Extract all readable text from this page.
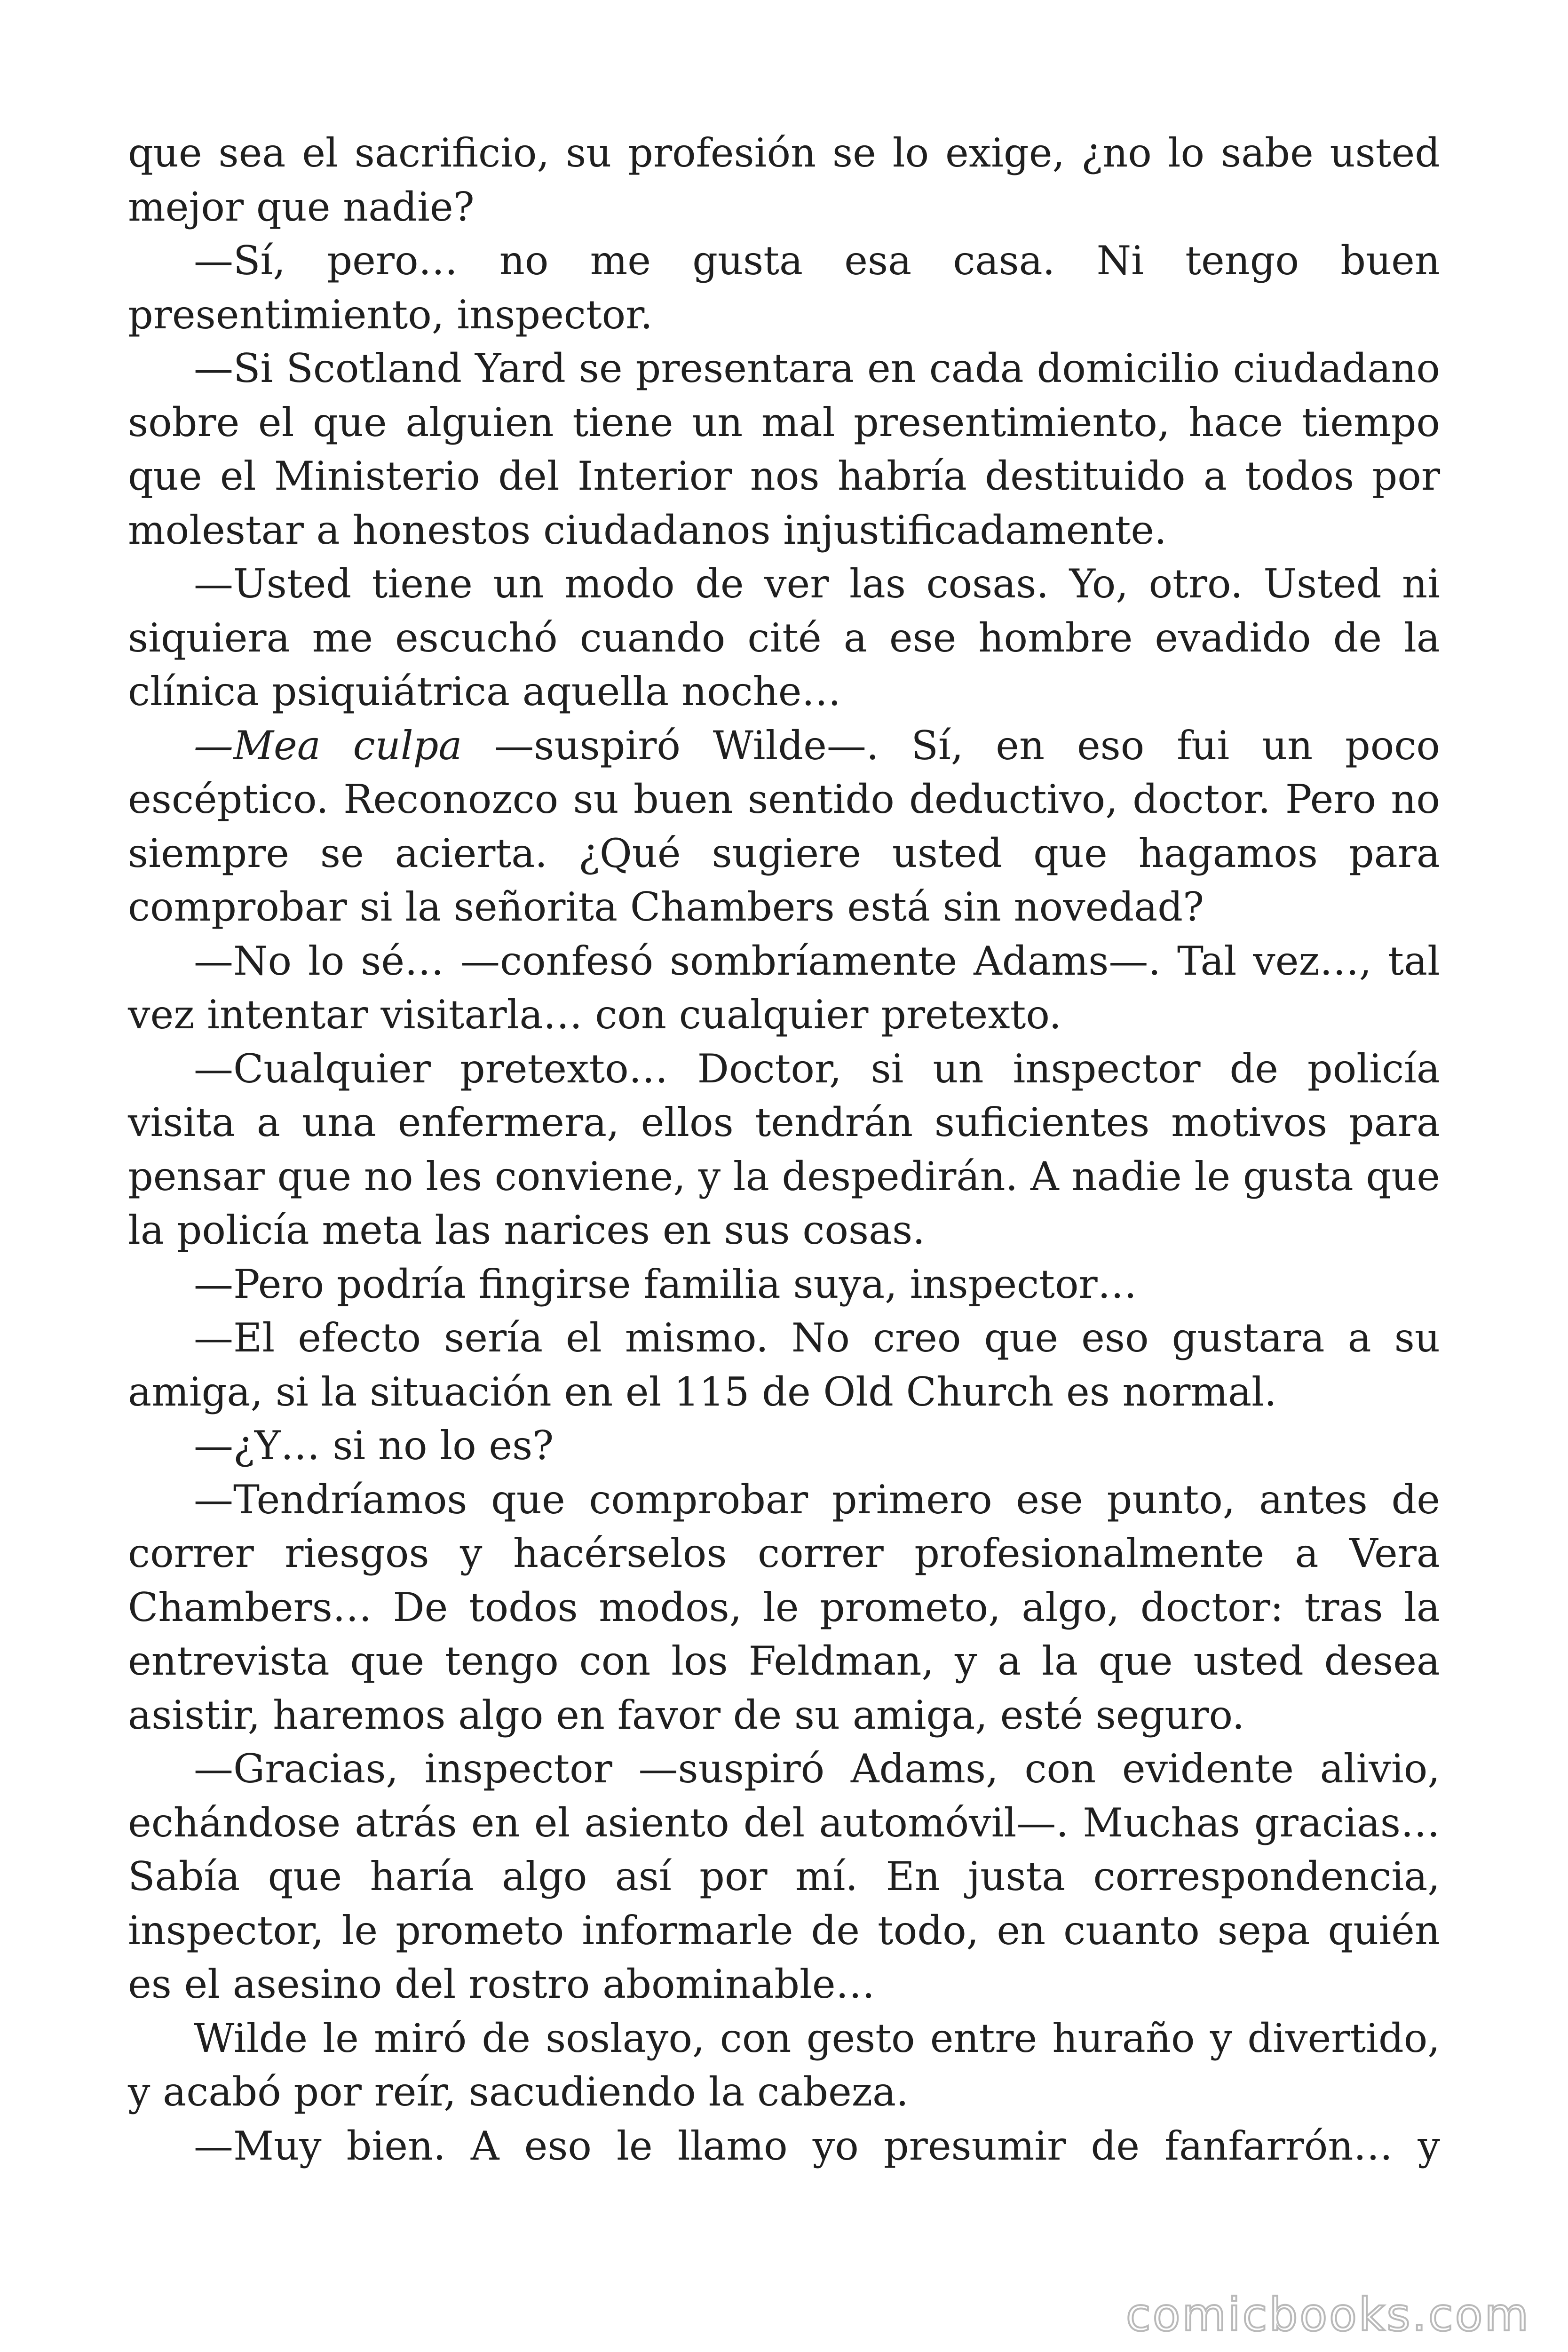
que sea el sacrificio, su profesión se lo exige, ¿no lo sabe usted mejor que nadie?

—Sí, pero… no me gusta esa casa. Ni tengo buen presentimiento, inspector.

—Si Scotland Yard se presentara en cada domicilio ciudadano sobre el que alguien tiene un mal presentimiento, hace tiempo que el Ministerio del Interior nos habría destituido a todos por molestar a honestos ciudadanos injustificadamente.

—Usted tiene un modo de ver las cosas. Yo, otro. Usted ni siquiera me escuchó cuando cité a ese hombre evadido de la clínica psiquiátrica aquella noche…

—Mea culpa —suspiró Wilde—. Sí, en eso fui un poco escéptico. Reconozco su buen sentido deductivo, doctor. Pero no siempre se acierta. ¿Qué sugiere usted que hagamos para comprobar si la señorita Chambers está sin novedad?

—No lo sé… —confesó sombríamente Adams—. Tal vez…, tal vez intentar visitarla… con cualquier pretexto.

—Cualquier pretexto… Doctor, si un inspector de policía visita a una enfermera, ellos tendrán suficientes motivos para pensar que no les conviene, y la despedirán. A nadie le gusta que la policía meta las narices en sus cosas.

—Pero podría fingirse familia suya, inspector…

—El efecto sería el mismo. No creo que eso gustara a su amiga, si la situación en el 115 de Old Church es normal.

—¿Y… si no lo es?

—Tendríamos que comprobar primero ese punto, antes de correr riesgos y hacérselos correr profesionalmente a Vera Chambers… De todos modos, le prometo, algo, doctor: tras la entrevista que tengo con los Feldman, y a la que usted desea asistir, haremos algo en favor de su amiga, esté seguro.

—Gracias, inspector —suspiró Adams, con evidente alivio, echándose atrás en el asiento del automóvil—. Muchas gracias… Sabía que haría algo así por mí. En justa correspondencia, inspector, le prometo informarle de todo, en cuanto sepa quién es el asesino del rostro abominable…

Wilde le miró de soslayo, con gesto entre huraño y divertido, y acabó por reír, sacudiendo la cabeza.

—Muy bien. A eso le llamo yo presumir de fanfarrón… y

comicbooks.com
